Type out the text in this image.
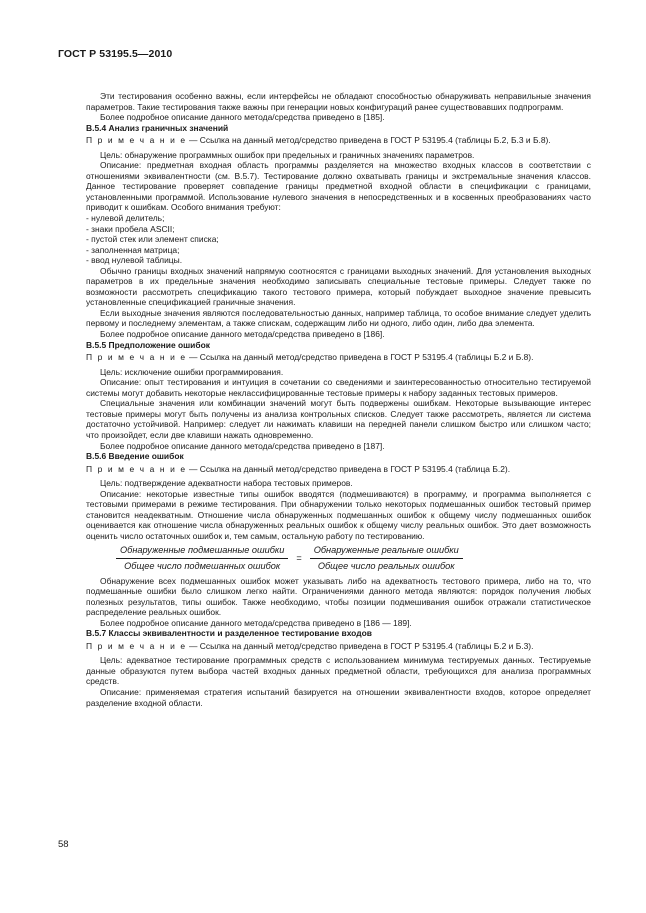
ГОСТ Р 53195.5—2010

Эти тестирования особенно важны, если интерфейсы не обладают способностью обнаруживать неправильные значения параметров. Такие тестирования также важны при генерации новых конфигураций ранее существовавших подпрограмм.

Более подробное описание данного метода/средства приведено в [185].

В.5.4 Анализ граничных значений

П р и м е ч а н и е — Ссылка на данный метод/средство приведена в ГОСТ Р 53195.4 (таблицы Б.2, Б.3 и Б.8).

Цель: обнаружение программных ошибок при предельных и граничных значениях параметров.

Описание: предметная входная область программы разделяется на множество входных классов в соответствии с отношениями эквивалентности (см. В.5.7). Тестирование должно охватывать границы и экстремальные значения классов. Данное тестирование проверяет совпадение границы предметной входной области в спецификации с границами, установленными программой. Использование нулевого значения в непосредственных и в косвенных преобразованиях часто приводит к ошибкам. Особого внимания требуют:

- нулевой делитель;
- знаки пробела ASCII;
- пустой стек или элемент списка;
- заполненная матрица;
- ввод нулевой таблицы.

Обычно границы входных значений напрямую соотносятся с границами выходных значений. Для установления выходных параметров в их предельные значения необходимо записывать специальные тестовые примеры. Следует также по возможности рассмотреть спецификацию такого тестового примера, который побуждает выходное значение превысить установленные спецификацией граничные значения.

Если выходные значения являются последовательностью данных, например таблица, то особое внимание следует уделить первому и последнему элементам, а также спискам, содержащим либо ни одного, либо один, либо два элемента.

Более подробное описание данного метода/средства приведено в [186].

В.5.5 Предположение ошибок

П р и м е ч а н и е — Ссылка на данный метод/средство приведена в ГОСТ Р 53195.4 (таблицы Б.2 и Б.8).

Цель: исключение ошибки программирования.

Описание: опыт тестирования и интуиция в сочетании со сведениями и заинтересованностью относительно тестируемой системы могут добавить некоторые неклассифицированные тестовые примеры к набору заданных тестовых примеров.

Специальные значения или комбинации значений могут быть подвержены ошибкам. Некоторые вызывающие интерес тестовые примеры могут быть получены из анализа контрольных списков. Следует также рассмотреть, является ли система достаточно устойчивой. Например: следует ли нажимать клавиши на передней панели слишком быстро или слишком часто; что произойдет, если две клавиши нажать одновременно.

Более подробное описание данного метода/средства приведено в [187].

В.5.6 Введение ошибок

П р и м е ч а н и е — Ссылка на данный метод/средство приведена в ГОСТ Р 53195.4 (таблица Б.2).

Цель: подтверждение адекватности набора тестовых примеров.

Описание: некоторые известные типы ошибок вводятся (подмешиваются) в программу, и программа выполняется с тестовыми примерами в режиме тестирования. При обнаружении только некоторых подмешанных ошибок тестовый пример становится неадекватным. Отношение числа обнаруженных подмешанных ошибок к общему числу подмешанных ошибок оценивается как отношение числа обнаруженных реальных ошибок к общему числу реальных ошибок. Это дает возможность оценить число остаточных ошибок и, тем самым, остальную работу по тестированию.

$\frac{\text{Обнаруженные подмешанные ошибки}}{\text{Общее число подмешанных ошибок}} = \frac{\text{Обнаруженные реальные ошибки}}{\text{Общее число реальных ошибок}}$

Обнаружение всех подмешанных ошибок может указывать либо на адекватность тестового примера, либо на то, что подмешанные ошибки было слишком легко найти. Ограничениями данного метода являются: порядок получения любых полезных результатов, типы ошибок. Также необходимо, чтобы позиции подмешивания ошибок отражали статистическое распределение реальных ошибок.

Более подробное описание данного метода/средства приведено в [186 — 189].

В.5.7 Классы эквивалентности и разделенное тестирование входов

П р и м е ч а н и е — Ссылка на данный метод/средство приведена в ГОСТ Р 53195.4 (таблицы Б.2 и Б.3).

Цель: адекватное тестирование программных средств с использованием минимума тестируемых данных. Тестируемые данные образуются путем выбора частей входных данных предметной области, требующихся для анализа программных средств.

Описание: применяемая стратегия испытаний базируется на отношении эквивалентности входов, которое определяет разделение входной области.

58
